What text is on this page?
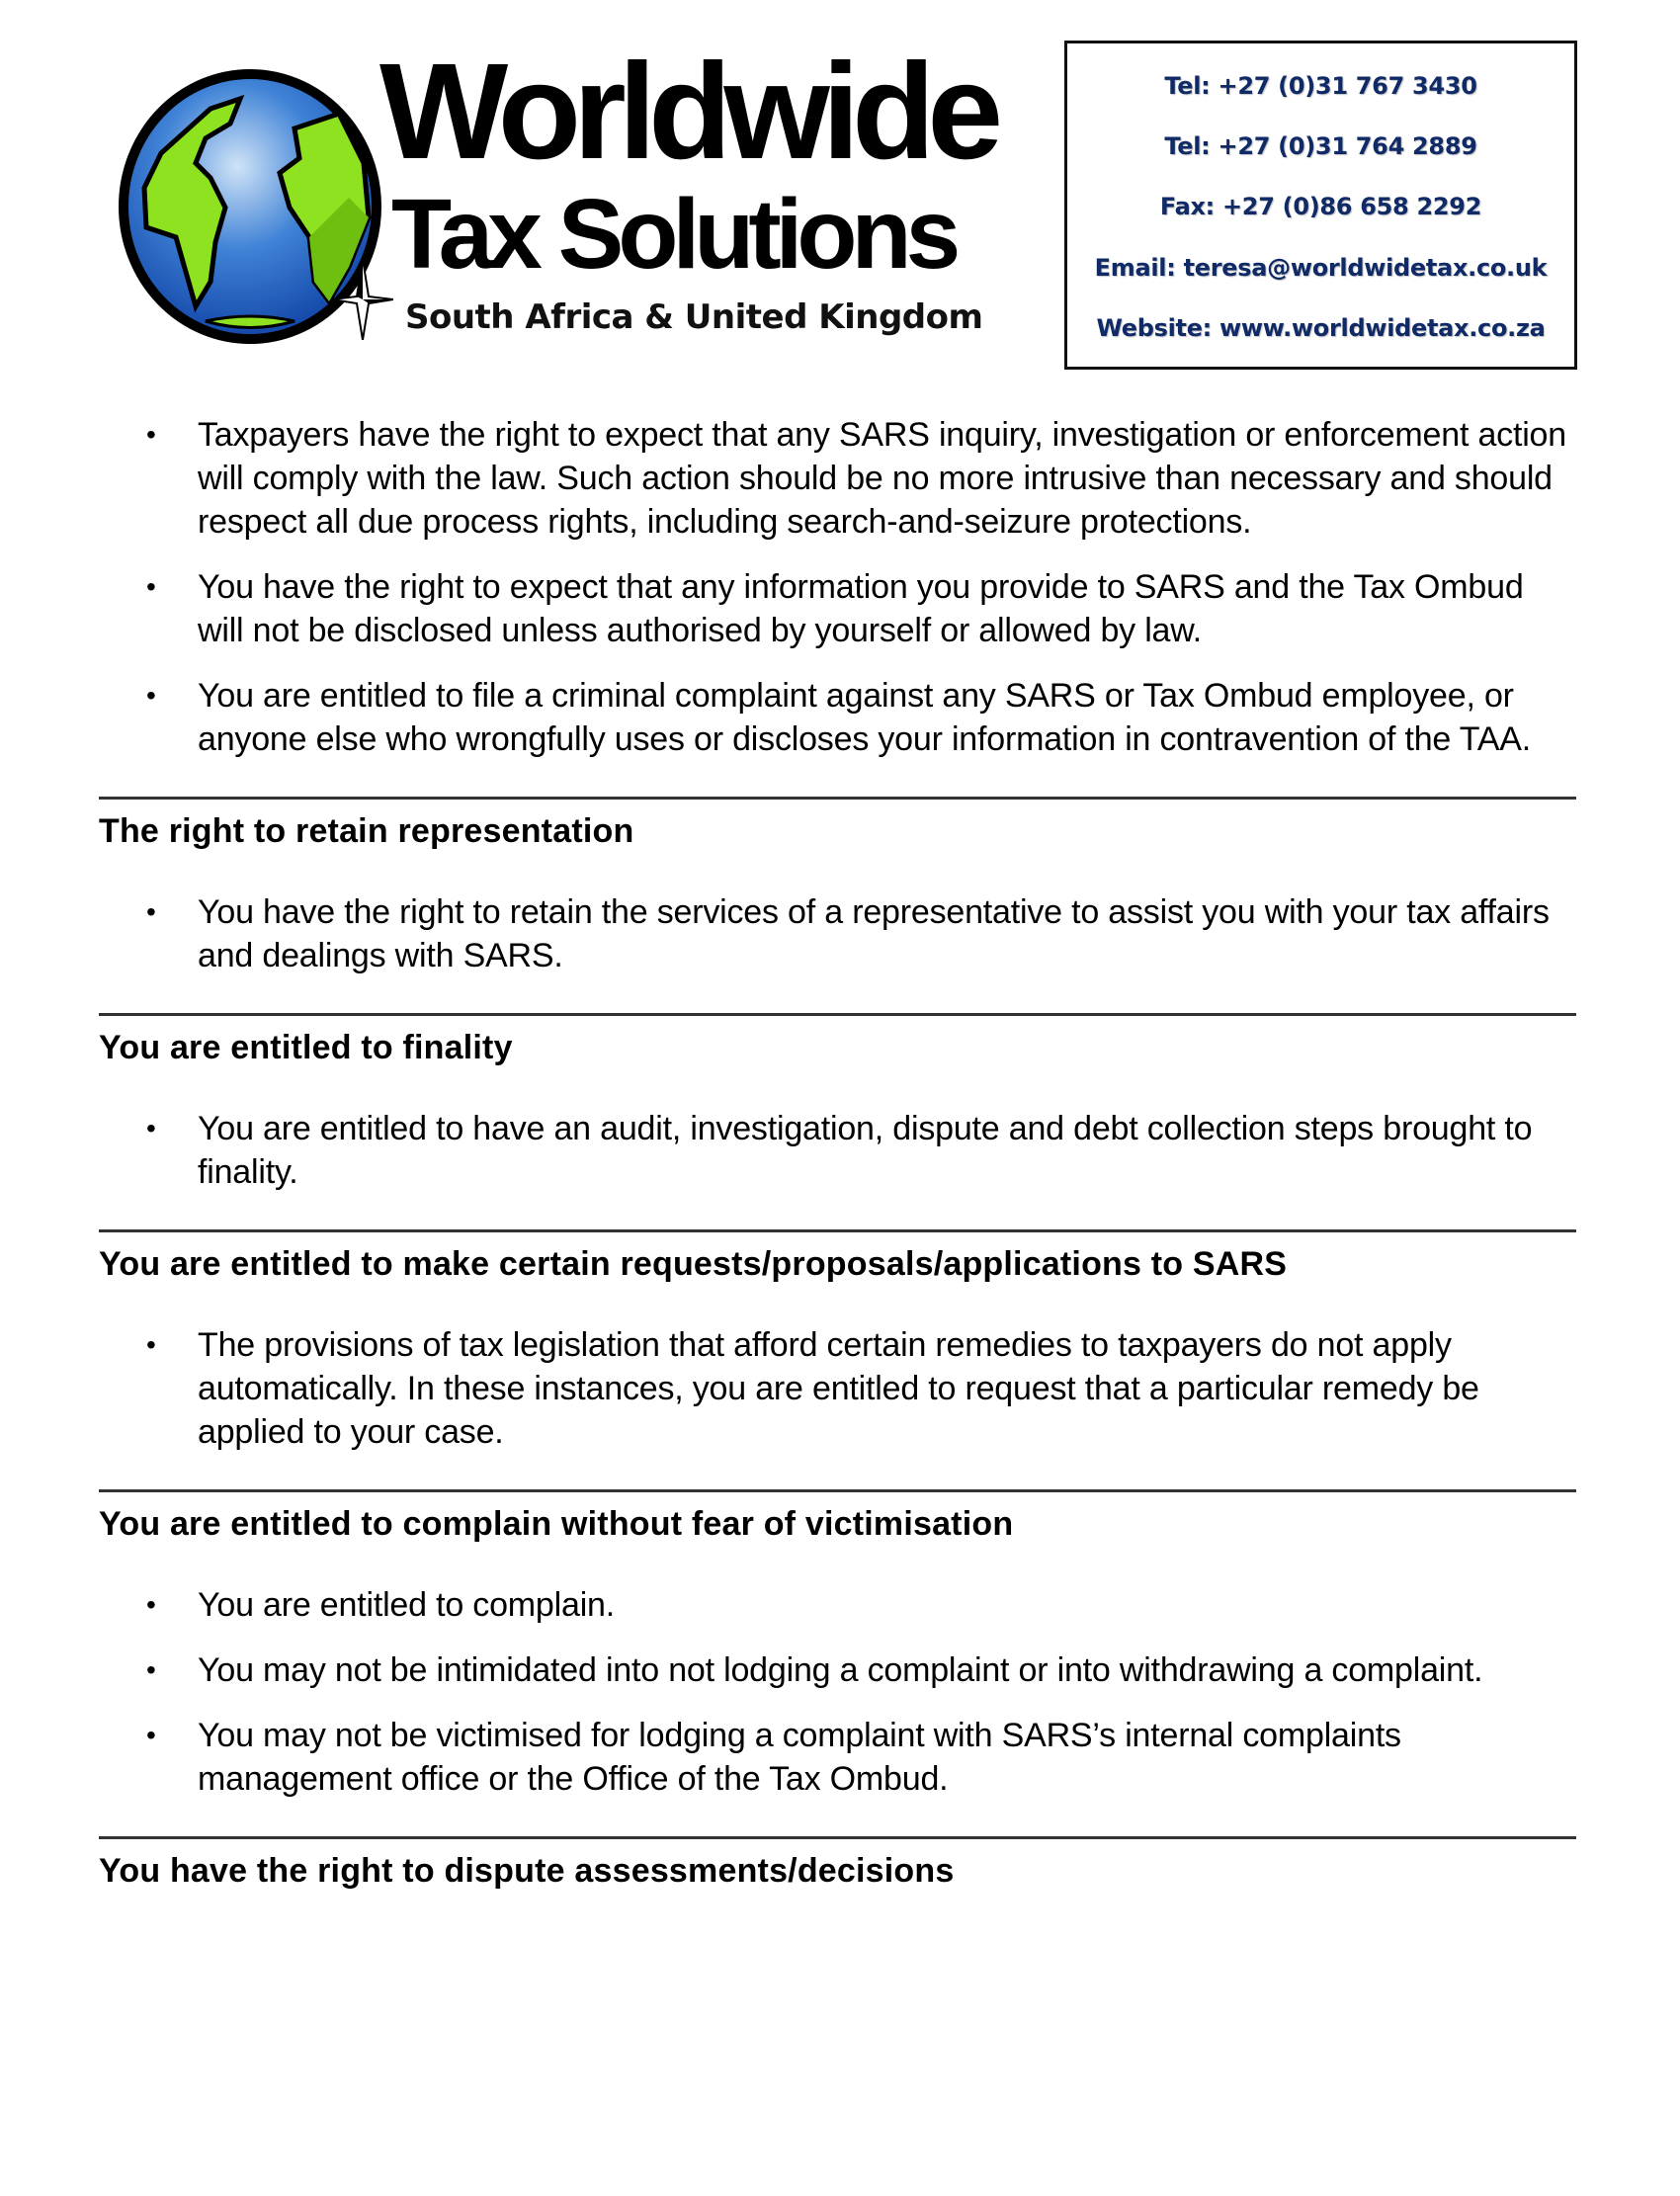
Worldwide
Tax Solutions
South Africa & United Kingdom
Tel: +27 (0)31 767 3430
Tel: +27 (0)31 764 2889
Fax: +27 (0)86 658 2292
Email: teresa@worldwidetax.co.uk
Website: www.worldwidetax.co.za
• Taxpayers have the right to expect that any SARS inquiry, investigation or enforcement action will comply with the law. Such action should be no more intrusive than necessary and should respect all due process rights, including search-and-seizure protections.
• You have the right to expect that any information you provide to SARS and the Tax Ombud will not be disclosed unless authorised by yourself or allowed by law.
• You are entitled to file a criminal complaint against any SARS or Tax Ombud employee, or anyone else who wrongfully uses or discloses your information in contravention of the TAA.
The right to retain representation
• You have the right to retain the services of a representative to assist you with your tax affairs and dealings with SARS.
You are entitled to finality
• You are entitled to have an audit, investigation, dispute and debt collection steps brought to finality.
You are entitled to make certain requests/proposals/applications to SARS
• The provisions of tax legislation that afford certain remedies to taxpayers do not apply automatically. In these instances, you are entitled to request that a particular remedy be applied to your case.
You are entitled to complain without fear of victimisation
• You are entitled to complain.
• You may not be intimidated into not lodging a complaint or into withdrawing a complaint.
• You may not be victimised for lodging a complaint with SARS’s internal complaints management office or the Office of the Tax Ombud.
You have the right to dispute assessments/decisions
